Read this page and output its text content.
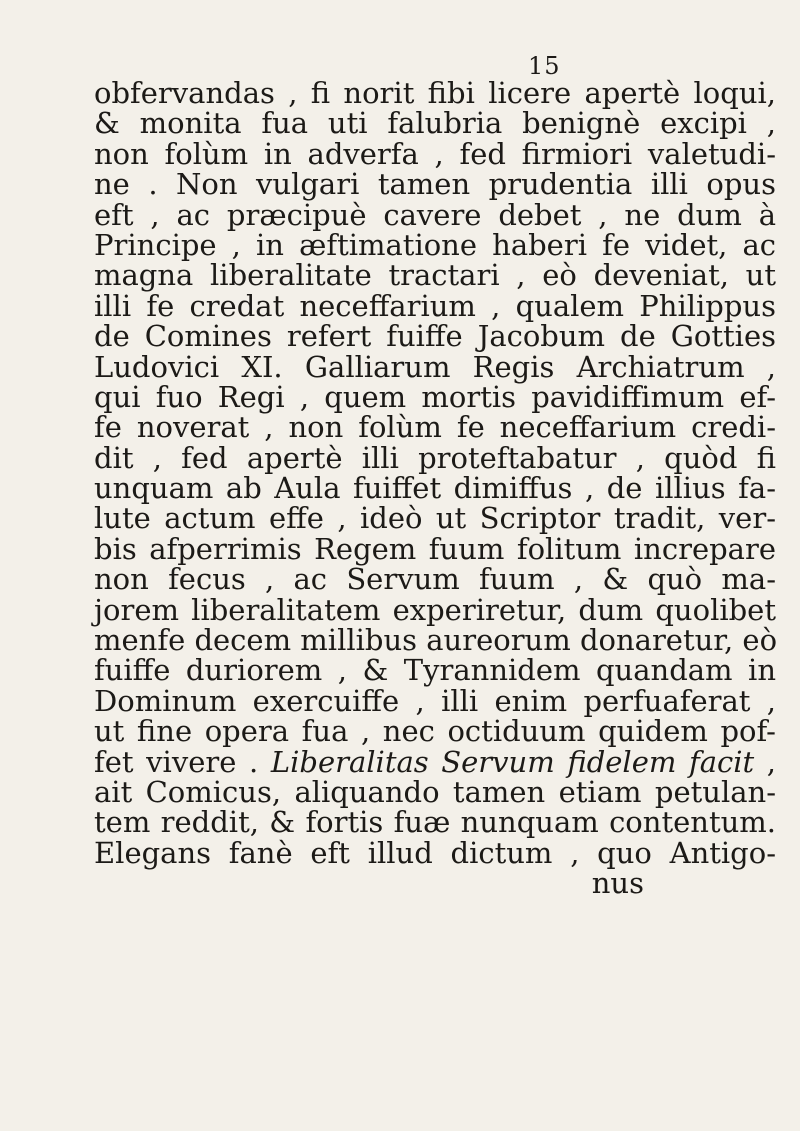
15
obfervandas , fi norit fibi licere apertè loqui,
& monita fua uti falubria benignè excipi ,
non folùm in adverfa , fed firmiori valetudi-
ne . Non vulgari tamen prudentia illi opus
eft , ac præcipuè cavere debet , ne dum à
Principe , in æftimatione haberi fe videt, ac
magna liberalitate tractari , eò deveniat, ut
illi fe credat neceffarium , qualem Philippus
de Comines refert fuiffe Jacobum de Gotties
Ludovici XI. Galliarum Regis Archiatrum ,
qui fuo Regi , quem mortis pavidiffimum ef-
fe noverat , non folùm fe neceffarium credi-
dit , fed apertè illi proteftabatur , quòd fi
unquam ab Aula fuiffet dimiffus , de illius fa-
lute actum effe , ideò ut Scriptor tradit, ver-
bis afperrimis Regem fuum folitum increpare
non fecus , ac Servum fuum , & quò ma-
jorem liberalitatem experiretur, dum quolibet
menfe decem millibus aureorum donaretur, eò
fuiffe duriorem , & Tyrannidem quandam in
Dominum exercuiffe , illi enim perfuaferat ,
ut fine opera fua , nec octiduum quidem pof-
fet vivere . Liberalitas Servum fidelem facit ,
ait Comicus, aliquando tamen etiam petulan-
tem reddit, & fortis fuæ nunquam contentum.
Elegans fanè eft illud dictum , quo Antigo-
nus
